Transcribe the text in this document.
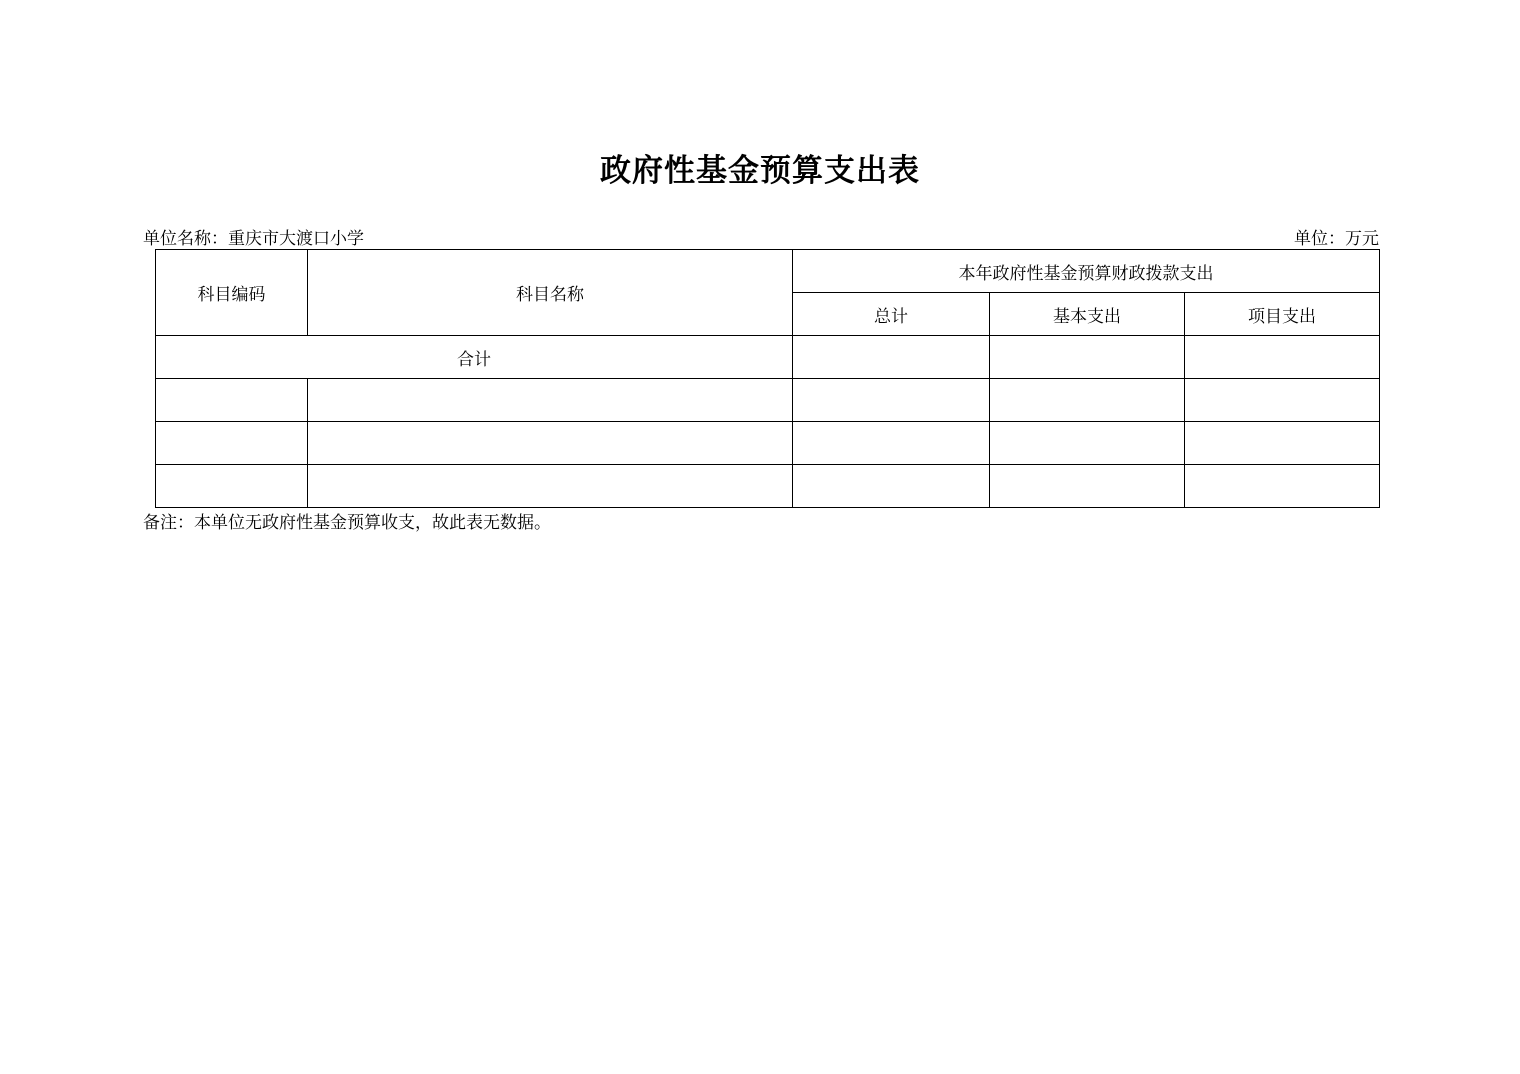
政府性基金预算支出表
单位名称：重庆市大渡口小学	单位：万元
科目编码	科目名称	本年政府性基金预算财政拨款支出		
		总计	基本支出	项目支出
合计				

备注：本单位无政府性基金预算收支，故此表无数据。
